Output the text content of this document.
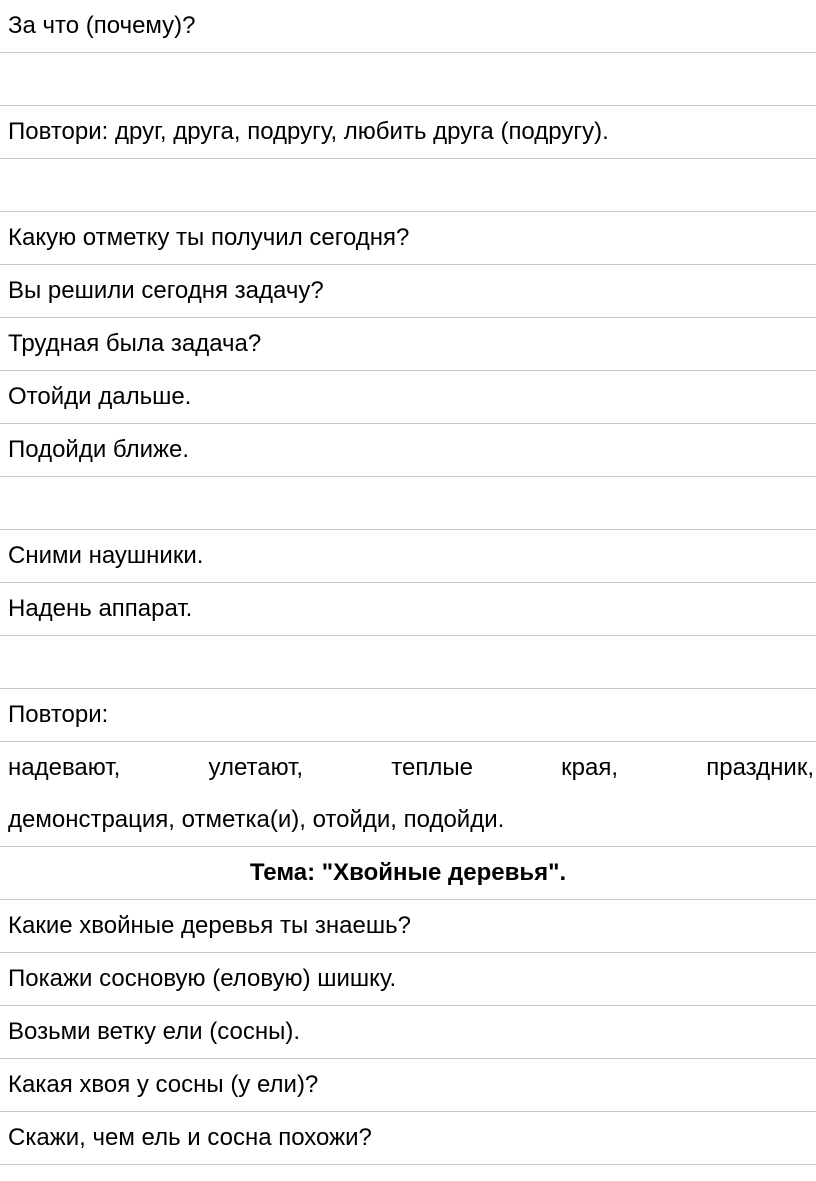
За что (почему)?

Повтори: друг, друга, подругу, любить друга (подругу).

Какую отметку ты получил сегодня?
Вы решили сегодня задачу?
Трудная была задача?
Отойди дальше.
Подойди ближе.

Сними наушники.
Надень аппарат.

Повтори:

надевают,	улетают,	теплые	края,	праздник,
демонстрация, отметка(и), отойди, подойди.

Тема: "Хвойные деревья".
Какие хвойные деревья ты знаешь?
Покажи сосновую (еловую) шишку.
Возьми ветку ели (сосны).
Какая хвоя у сосны (у ели)?
Скажи, чем ель и сосна похожи?
